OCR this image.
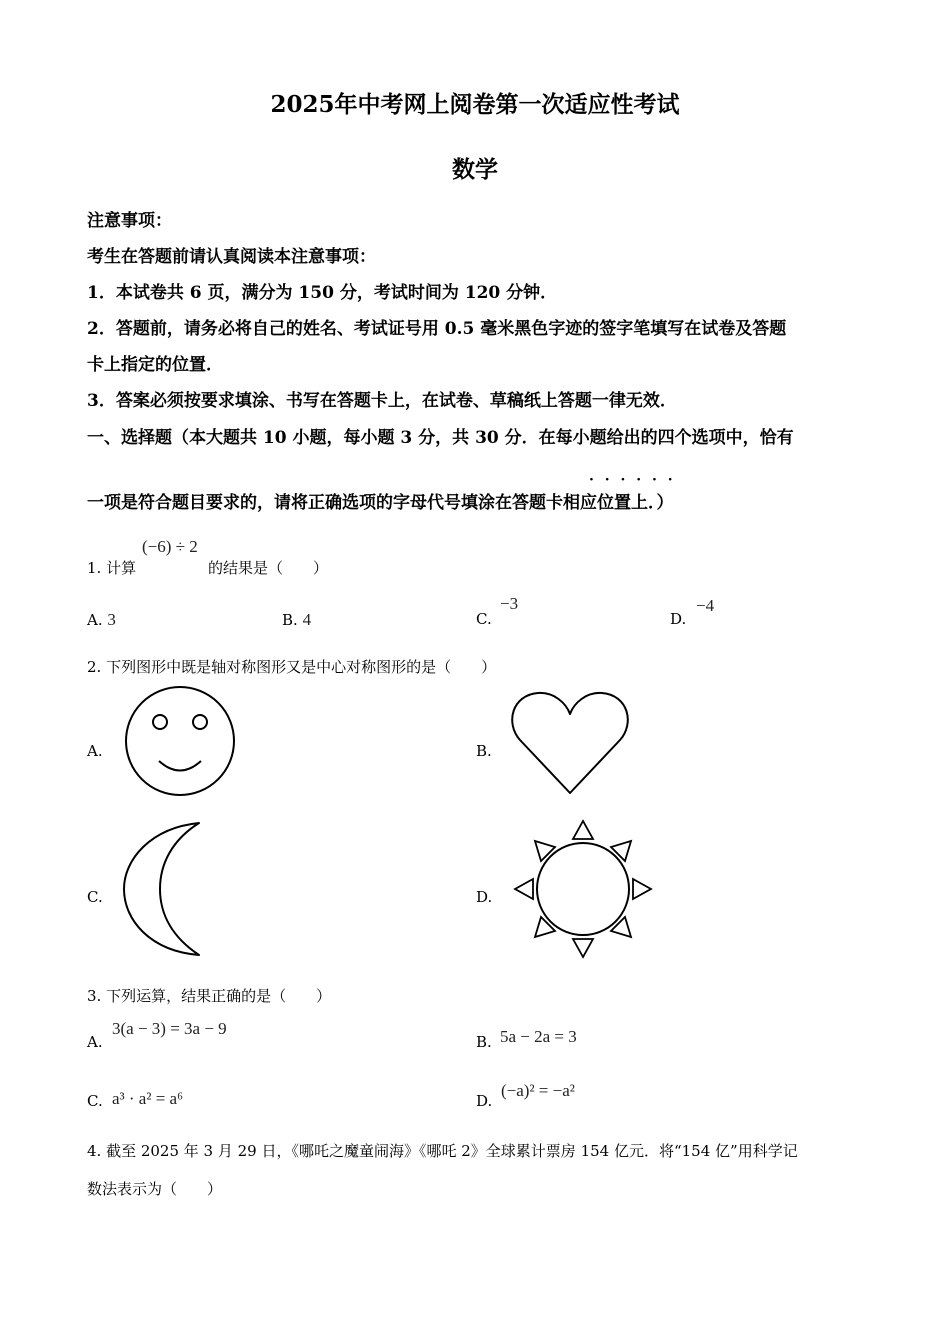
2025年中考网上阅卷第一次适应性考试
数学
注意事项：
考生在答题前请认真阅读本注意事项：
1．本试卷共 6 页，满分为 150 分，考试时间为 120 分钟．
2．答题前，请务必将自己的姓名、考试证号用 0.5 毫米黑色字迹的签字笔填写在试卷及答题
卡上指定的位置．
3．答案必须按要求填涂、书写在答题卡上，在试卷、草稿纸上答题一律无效．
一、选择题（本大题共 10 小题，每小题 3 分，共 30 分．在每小题给出的四个选项中，恰有
· · · · · ·
一项是符合题目要求的，请将正确选项的字母代号填涂在答题卡相应位置上．）
1. 计算
(−6) ÷ 2
的结果是（　　）
A. 3	B. 4	C.
−3
D.
−4
2. 下列图形中既是轴对称图形又是中心对称图形的是（　　）
A.	B.
C.	D.
3. 下列运算，结果正确的是（　　）
A.
3(a − 3) = 3a − 9
B. 5a − 2a = 3
C. a³ · a² = a⁶	D.
(−a)² = −a²
4. 截至 2025 年 3 月 29 日，《哪吒之魔童闹海》《哪吒 2》全球累计票房 154 亿元．将“154 亿”用科学记
数法表示为（　　）
